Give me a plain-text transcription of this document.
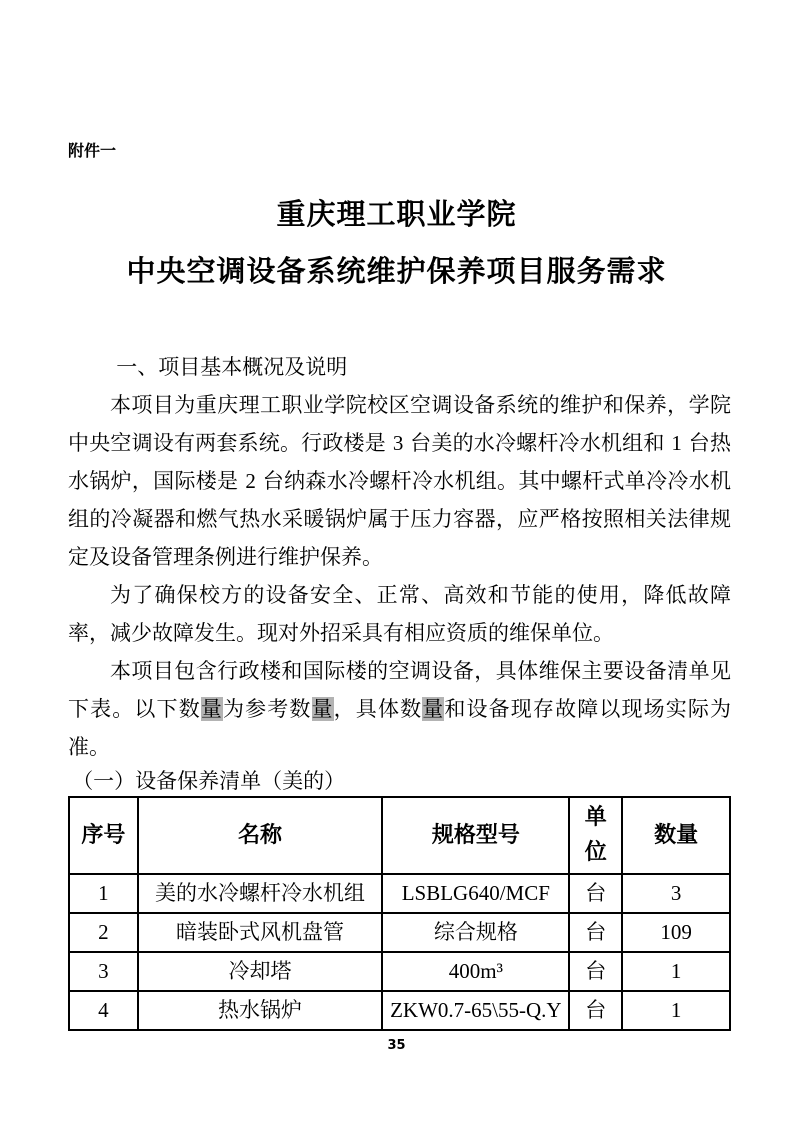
附件一
重庆理工职业学院
中央空调设备系统维护保养项目服务需求

一、项目基本概况及说明

本项目为重庆理工职业学院校区空调设备系统的维护和保养，学院中央空调设有两套系统。行政楼是 3 台美的水冷螺杆冷水机组和 1 台热水锅炉，国际楼是 2 台纳森水冷螺杆冷水机组。其中螺杆式单冷冷水机组的冷凝器和燃气热水采暖锅炉属于压力容器，应严格按照相关法律规定及设备管理条例进行维护保养。

为了确保校方的设备安全、正常、高效和节能的使用，降低故障率，减少故障发生。现对外招采具有相应资质的维保单位。

本项目包含行政楼和国际楼的空调设备，具体维保主要设备清单见下表。以下数量为参考数量，具体数量和设备现存故障以现场实际为准。

（一）设备保养清单（美的）

序号	名称	规格型号	单位	数量
1	美的水冷螺杆冷水机组	LSBLG640/MCF	台	3
2	暗装卧式风机盘管	综合规格	台	109
3	冷却塔	400m³	台	1
4	热水锅炉	ZKW0.7-65\55-Q.Y	台	1
35
